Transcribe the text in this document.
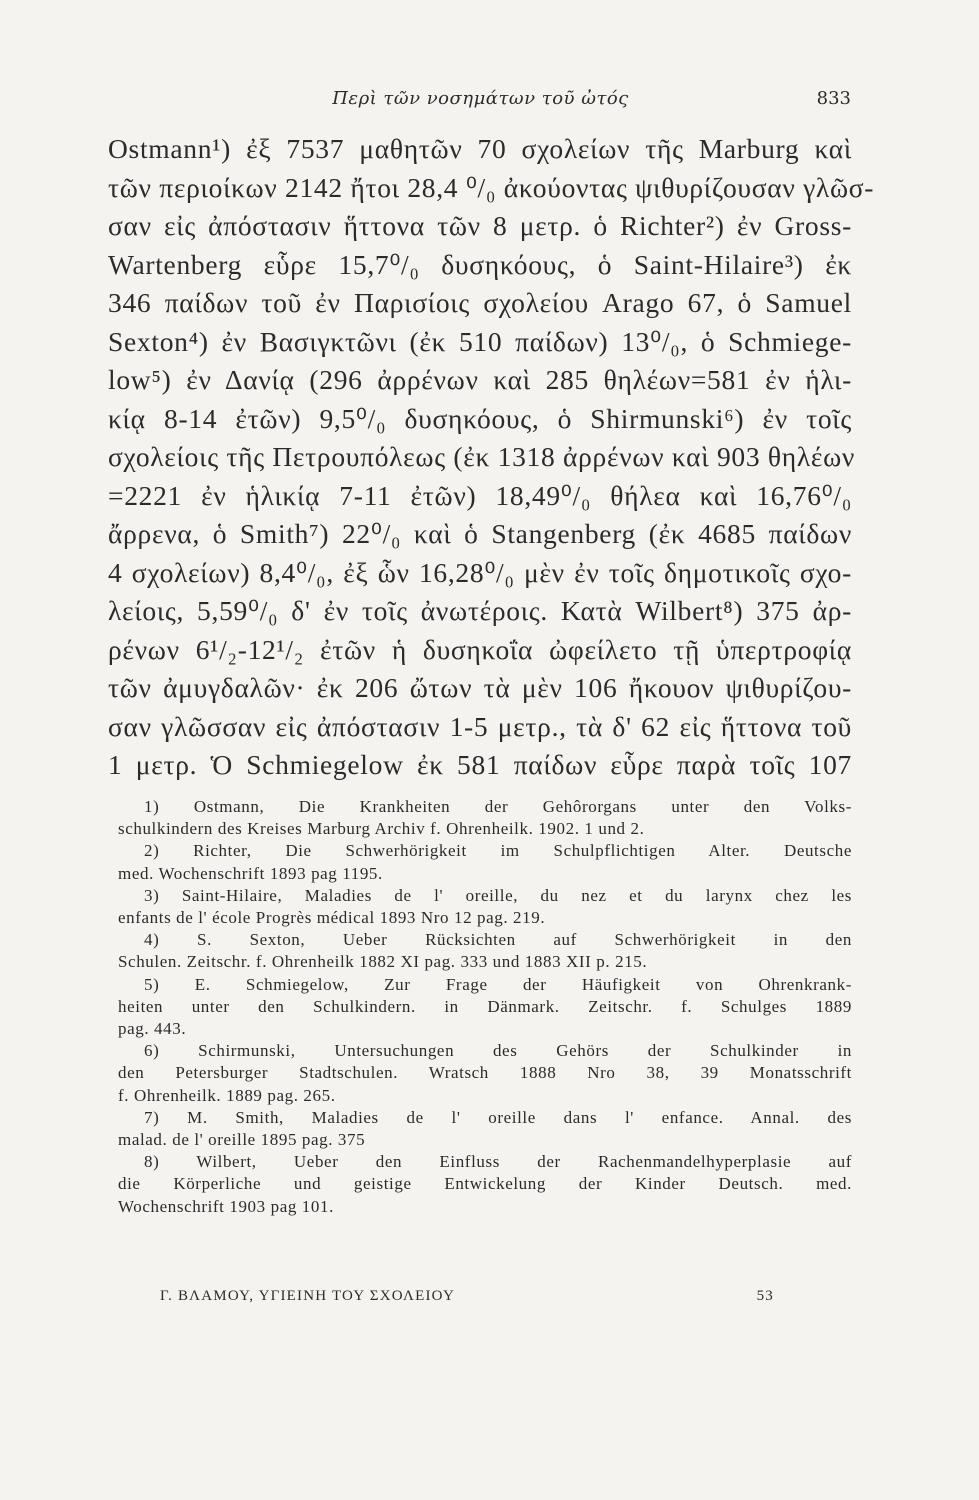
Περὶ τῶν νοσημάτων τοῦ ὠτός	833
Ostmann¹) ἐξ 7537 μαθητῶν 70 σχολείων τῆς Marburg καὶ
τῶν περιοίκων 2142 ἤτοι 28,4 ⁰/₀ ἀκούοντας ψιθυρίζουσαν γλῶσ-
σαν εἰς ἀπόστασιν ἥττονα τῶν 8 μετρ. ὁ Richter²) ἐν Gross-
Wartenberg εὗρε 15,7⁰/₀ δυσηκόους, ὁ Saint-Hilaire³) ἐκ
346 παίδων τοῦ ἐν Παρισίοις σχολείου Arago 67, ὁ Samuel
Sexton⁴) ἐν Βασιγκτῶνι (ἐκ 510 παίδων) 13⁰/₀, ὁ Schmiege-
low⁵) ἐν Δανίᾳ (296 ἀρρένων καὶ 285 θηλέων=581 ἐν ἡλι-
κίᾳ 8-14 ἐτῶν) 9,5⁰/₀ δυσηκόους, ὁ Shirmunski⁶) ἐν τοῖς
σχολείοις τῆς Πετρουπόλεως (ἐκ 1318 ἀρρένων καὶ 903 θηλέων
=2221 ἐν ἡλικίᾳ 7-11 ἐτῶν) 18,49⁰/₀ θήλεα καὶ 16,76⁰/₀
ἄρρενα, ὁ Smith⁷) 22⁰/₀ καὶ ὁ Stangenberg (ἐκ 4685 παίδων
4 σχολείων) 8,4⁰/₀, ἐξ ὧν 16,28⁰/₀ μὲν ἐν τοῖς δημοτικοῖς σχο-
λείοις, 5,59⁰/₀ δ' ἐν τοῖς ἀνωτέροις. Κατὰ Wilbert⁸) 375 ἀρ-
ρένων 6¹/₂-12¹/₂ ἐτῶν ἡ δυσηκοΐα ὠφείλετο τῇ ὑπερτροφίᾳ
τῶν ἀμυγδαλῶν· ἐκ 206 ὤτων τὰ μὲν 106 ἤκουον ψιθυρίζου-
σαν γλῶσσαν εἰς ἀπόστασιν 1-5 μετρ., τὰ δ' 62 εἰς ἥττονα τοῦ
1 μετρ. Ὁ Schmiegelow ἐκ 581 παίδων εὗρε παρὰ τοῖς 107
1) Ostmann, Die Krankheiten der Gehôrorgans unter den Volks-
schulkindern des Kreises Marburg Archiv f. Ohrenheilk. 1902. 1 und 2.
2) Richter, Die Schwerhörigkeit im Schulpflichtigen Alter. Deutsche
med. Wochenschrift 1893 pag 1195.
3) Saint-Hilaire, Maladies de l' oreille, du nez et du larynx chez les
enfants de l' école Progrès médical 1893 Nro 12 pag. 219.
4) S. Sexton, Ueber Rücksichten auf Schwerhörigkeit in den
Schulen. Zeitschr. f. Ohrenheilk 1882 XI pag. 333 und 1883 XII p. 215.
5) E. Schmiegelow, Zur Frage der Häufigkeit von Ohrenkrank-
heiten unter den Schulkindern. in Dänmark. Zeitschr. f. Schulges 1889
pag. 443.
6) Schirmunski, Untersuchungen des Gehörs der Schulkinder in
den Petersburger Stadtschulen. Wratsch 1888 Nro 38, 39 Monatsschrift
f. Ohrenheilk. 1889 pag. 265.
7) M. Smith, Maladies de l' oreille dans l' enfance. Annal. des
malad. de l' oreille 1895 pag. 375
8) Wilbert, Ueber den Einfluss der Rachenmandelhyperplasie auf
die Körperliche und geistige Entwickelung der Kinder Deutsch. med.
Wochenschrift 1903 pag 101.
Γ. ΒΛΑΜΟΥ, ΥΓΙΕΙΝΗ ΤΟΥ ΣΧΟΛΕΙΟΥ	53
